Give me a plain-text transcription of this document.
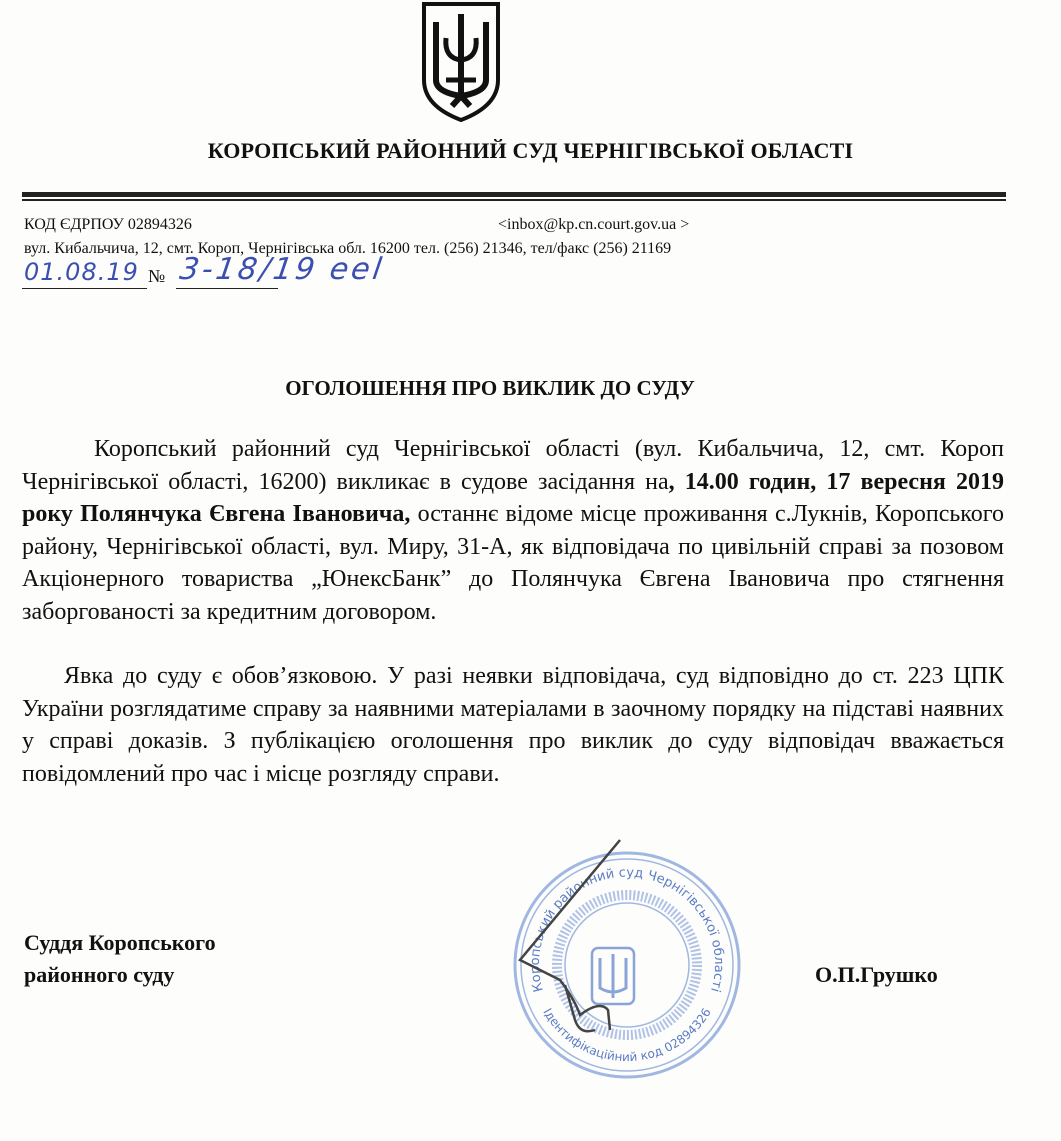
КОРОПСЬКИЙ РАЙОННИЙ СУД ЧЕРНІГІВСЬКОЇ ОБЛАСТІ
КОД ЄДРПОУ 02894326	<inbox@kp.cn.court.gov.ua >
вул. Кибальчича, 12, смт. Короп, Чернігівська обл. 16200 тел. (256) 21346, тел/факс (256) 21169
01.08.19 № 3-18/19 eel
ОГОЛОШЕННЯ ПРО ВИКЛИК ДО СУДУ
Коропський районний суд Чернігівської області (вул. Кибальчича, 12, смт. Короп Чернігівської області, 16200) викликає в судове засідання на, 14.00 годин, 17 вересня 2019 року Полянчука Євгена Івановича, останнє відоме місце проживання с.Лукнів, Коропського району, Чернігівської області, вул. Миру, 31-А, як відповідача по цивільній справі за позовом Акціонерного товариства „ЮнексБанк” до Полянчука Євгена Івановича про стягнення заборгованості за кредитним договором.
Явка до суду є обов’язковою. У разі неявки відповідача, суд відповідно до ст. 223 ЦПК України розглядатиме справу за наявними матеріалами в заочному порядку на підставі наявних у справі доказів. З публікацією оголошення про виклик до суду відповідач вважається повідомлений про час і місце розгляду справи.
Коропський районний суд Чернігівської області
Ідентифікаційний код 02894326
Суддя Коропського
районного суду	О.П.Грушко
